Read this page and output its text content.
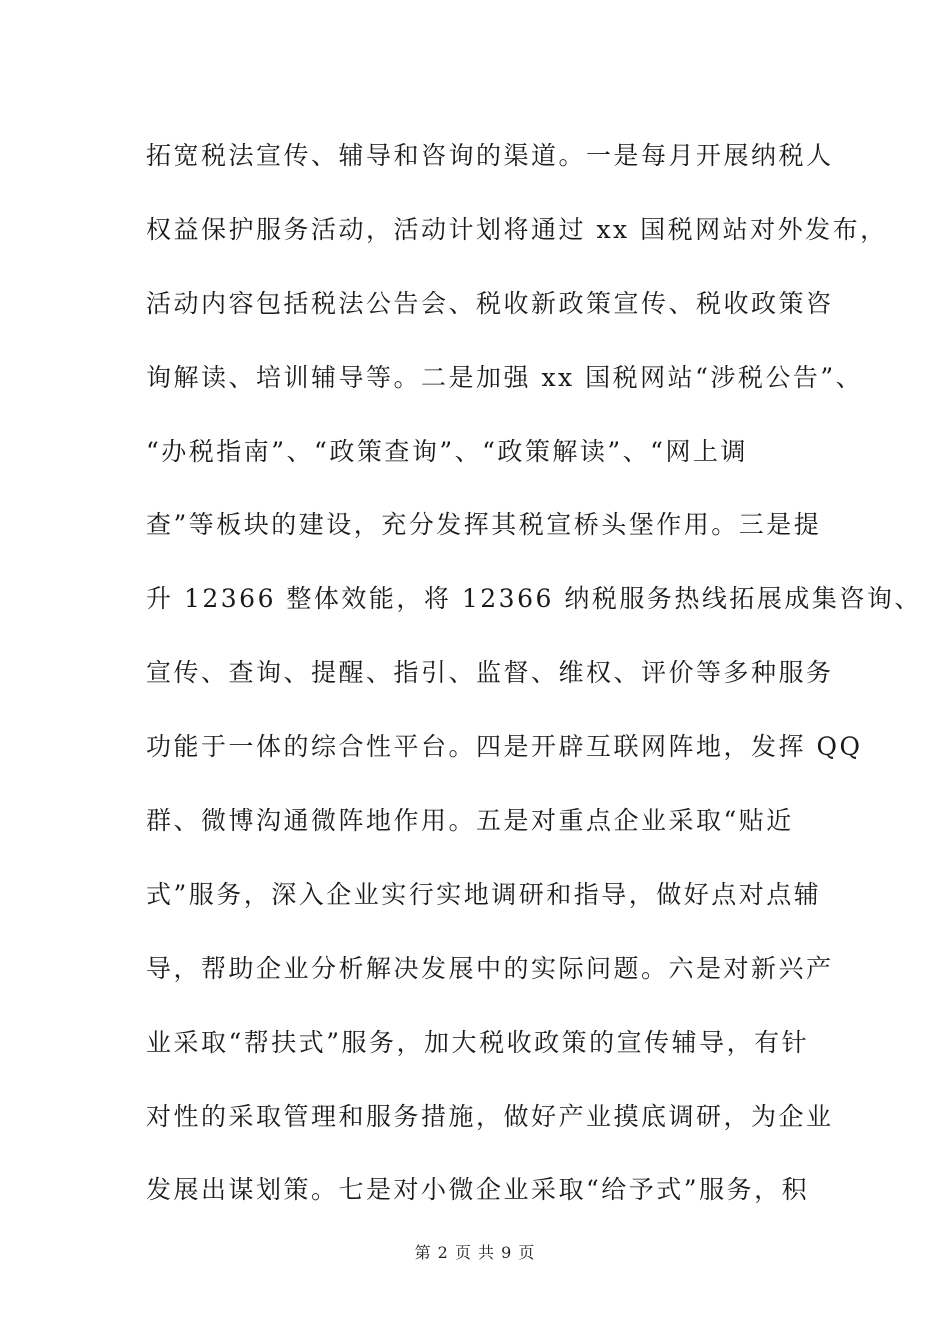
拓宽税法宣传、辅导和咨询的渠道。一是每月开展纳税人
权益保护服务活动，活动计划将通过 xx 国税网站对外发布，
活动内容包括税法公告会、税收新政策宣传、税收政策咨
询解读、培训辅导等。二是加强 xx 国税网站“涉税公告”、
“办税指南”、“政策查询”、“政策解读”、“网上调
查”等板块的建设，充分发挥其税宣桥头堡作用。三是提
升 12366 整体效能，将 12366 纳税服务热线拓展成集咨询、
宣传、查询、提醒、指引、监督、维权、评价等多种服务
功能于一体的综合性平台。四是开辟互联网阵地，发挥 QQ
群、微博沟通微阵地作用。五是对重点企业采取“贴近
式”服务，深入企业实行实地调研和指导，做好点对点辅
导，帮助企业分析解决发展中的实际问题。六是对新兴产
业采取“帮扶式”服务，加大税收政策的宣传辅导，有针
对性的采取管理和服务措施，做好产业摸底调研，为企业
发展出谋划策。七是对小微企业采取“给予式”服务，积
第 2 页 共 9 页
